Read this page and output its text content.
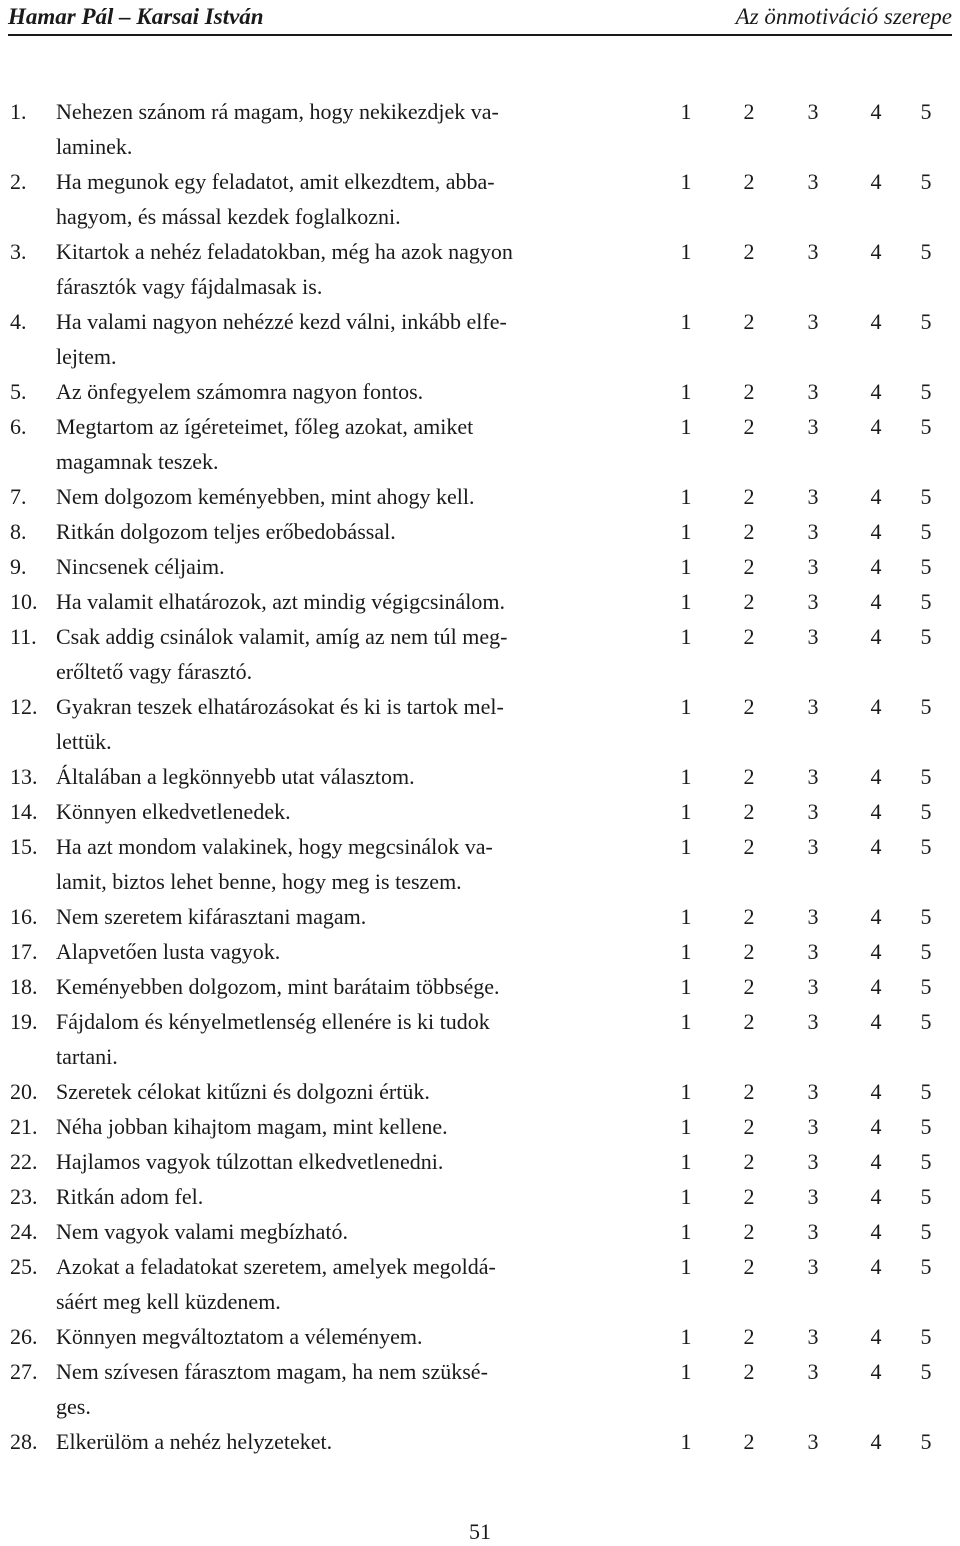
Hamar Pál – Karsai István	Az önmotiváció szerepe
1.	Nehezen szánom rá magam, hogy nekikezdjek va-
laminek.
1 2 3 4 5
2.	Ha megunok egy feladatot, amit elkezdtem, abba-
hagyom, és mással kezdek foglalkozni.
1 2 3 4 5
3.	Kitartok a nehéz feladatokban, még ha azok nagyon
fárasztók vagy fájdalmasak is.
1 2 3 4 5
4.	Ha valami nagyon nehézzé kezd válni, inkább elfe-
lejtem.
1 2 3 4 5
5.	Az önfegyelem számomra nagyon fontos.	1 2 3 4 5
6.	Megtartom az ígéreteimet, főleg azokat, amiket
magamnak teszek.
1 2 3 4 5
7.	Nem dolgozom keményebben, mint ahogy kell.	1 2 3 4 5
8.	Ritkán dolgozom teljes erőbedobással.	1 2 3 4 5
9.	Nincsenek céljaim.	1 2 3 4 5
10. Ha valamit elhatározok, azt mindig végigcsinálom.	1 2 3 4 5
11. Csak addig csinálok valamit, amíg az nem túl meg-
erőltető vagy fárasztó.
1 2 3 4 5
12. Gyakran teszek elhatározásokat és ki is tartok mel-
lettük.
1 2 3 4 5
13. Általában a legkönnyebb utat választom.	1 2 3 4 5
14. Könnyen elkedvetlenedek.	1 2 3 4 5
15. Ha azt mondom valakinek, hogy megcsinálok va-
lamit, biztos lehet benne, hogy meg is teszem.
1 2 3 4 5
16. Nem szeretem kifárasztani magam.	1 2 3 4 5
17. Alapvetően lusta vagyok.	1 2 3 4 5
18. Keményebben dolgozom, mint barátaim többsége.	1 2 3 4 5
19. Fájdalom és kényelmetlenség ellenére is ki tudok
tartani.
1 2 3 4 5
20. Szeretek célokat kitűzni és dolgozni értük.	1 2 3 4 5
21. Néha jobban kihajtom magam, mint kellene.	1 2 3 4 5
22. Hajlamos vagyok túlzottan elkedvetlenedni.	1 2 3 4 5
23. Ritkán adom fel.	1 2 3 4 5
24. Nem vagyok valami megbízható.	1 2 3 4 5
25. Azokat a feladatokat szeretem, amelyek megoldá-
sáért meg kell küzdenem.
1 2 3 4 5
26. Könnyen megváltoztatom a véleményem.	1 2 3 4 5
27. Nem szívesen fárasztom magam, ha nem szüksé-
ges.
1 2 3 4 5
28. Elkerülöm a nehéz helyzeteket.	1 2 3 4 5
51
